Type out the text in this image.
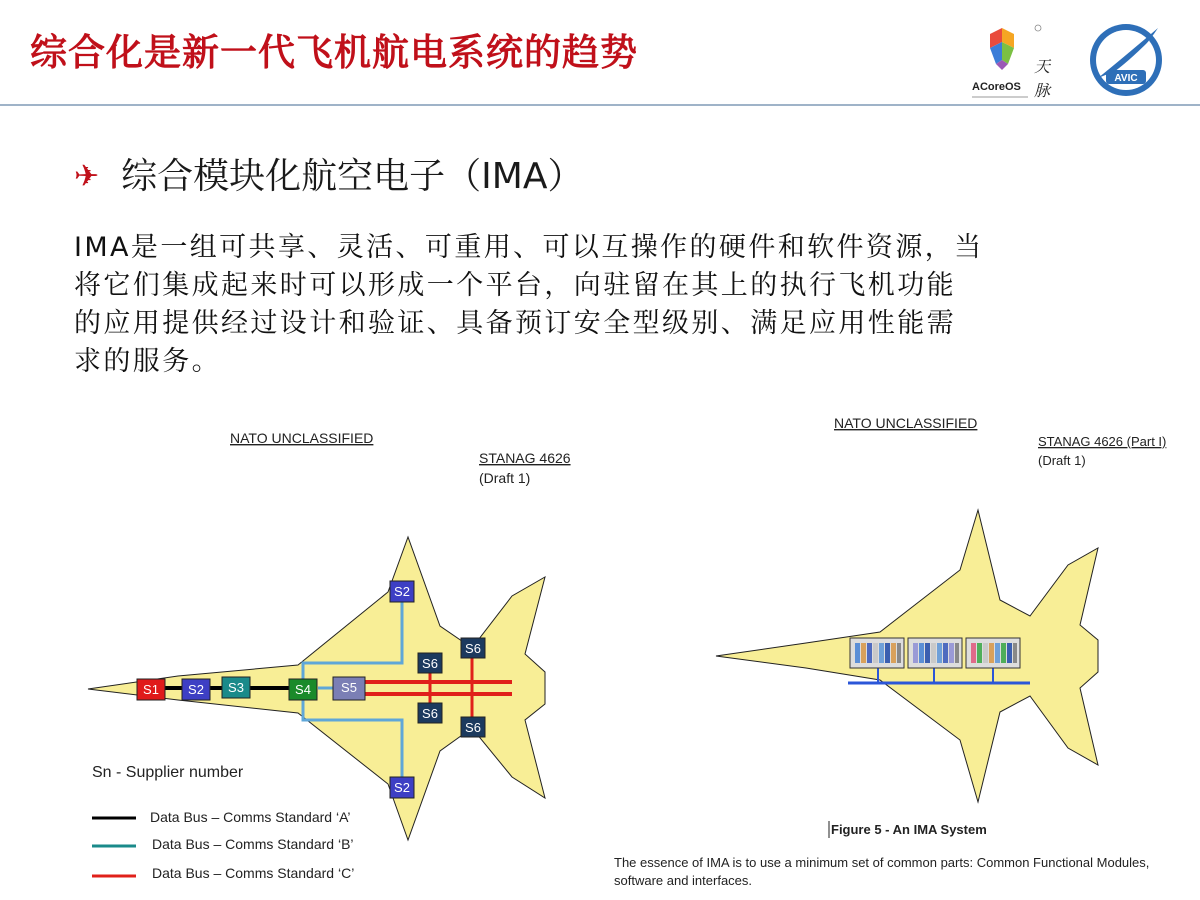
综合化是新一代飞机航电系统的趋势	天
脉
ACoreOS
AVIC
✈ 综合模块化航空电子（IMA）
IMA是一组可共享、灵活、可重用、可以互操作的硬件和软件资源，当
将它们集成起来时可以形成一个平台，向驻留在其上的执行飞机功能
的应用提供经过设计和验证、具备预订安全型级别、满足应用性能需
求的服务。
NATO UNCLASSIFIED
STANAG 4626
(Draft 1)
S1 S2 S3	S4 S5
S2
S2
S6
S6
S6
S6
Sn - Supplier number
Data Bus – Comms Standard ‘A’
Data Bus – Comms Standard ‘B’
Data Bus – Comms Standard ‘C’
NATO UNCLASSIFIED
STANAG 4626 (Part I)
(Draft 1)
Figure 5 - An IMA System
The essence of IMA is to use a minimum set of common parts: Common Functional Modules,
software and interfaces.
